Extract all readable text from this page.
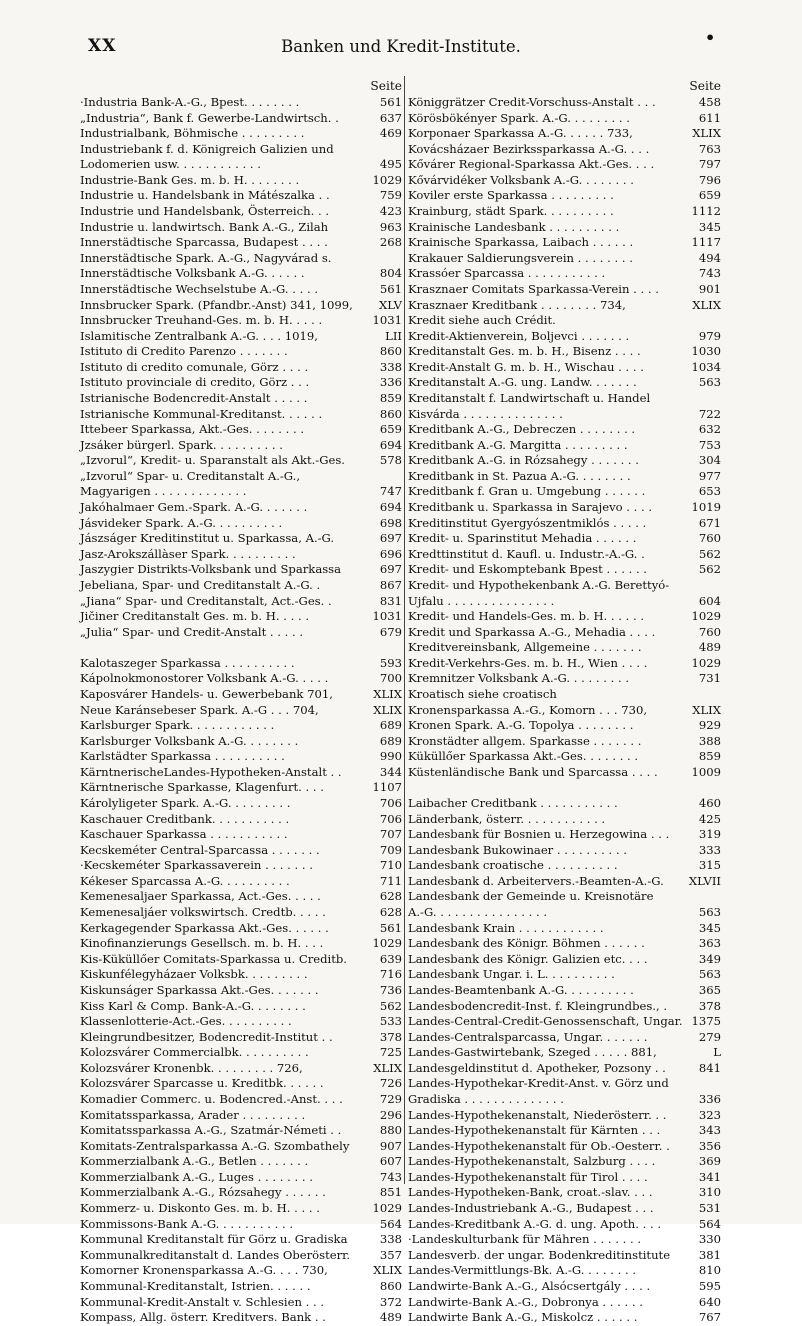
XX	Banken und Kredit-Institute.	•
Seite
·Industria Bank-A.-G., Bpest. . . . . . . .	561
„Industria“, Bank f. Gewerbe-Landwirtsch. .	637
Industrialbank, Böhmische . . . . . . . . .	469
Industriebank f. d. Königreich Galizien und
Lodomerien usw. . . . . . . . . . . .	495
Industrie-Bank Ges. m. b. H. . . . . . . .	1029
Industrie u. Handelsbank in Mátészalka . .	759
Industrie und Handelsbank, Österreich. . .	423
Industrie u. landwirtsch. Bank A.-G., Zilah	963
Innerstädtische Sparcassa, Budapest . . . .	268
Innerstädtische Spark. A.-G., Nagyvárad s.
Innerstädtische Volksbank A.-G. . . . . .	804
Innerstädtische Wechselstube A.-G. . . . .	561
Innsbrucker Spark. (Pfandbr.-Anst) 341, 1099, XLV
Innsbrucker Treuhand-Ges. m. b. H. . . . .	1031
Islamitische Zentralbank A.-G. . . . 1019,	LII
Istituto di Credito Parenzo . . . . . . .	860
Istituto di credito comunale, Görz . . . .	338
Istituto provinciale di credito, Görz . . .	336
Istrianische Bodencredit-Anstalt . . . . .	859
Istrianische Kommunal-Kreditanst. . . . . .	860
Ittebeer Sparkassa, Akt.-Ges. . . . . . . .	659
Jzsáker bürgerl. Spark. . . . . . . . . .	694
„Izvorul“, Kredit- u. Sparanstalt als Akt.-Ges.	578
„Izvorul“ Spar- u. Creditanstalt A.-G.,
Magyarigen . . . . . . . . . . . . .	747
Jakóhalmaer Gem.-Spark. A.-G. . . . . . .	694
Jásvideker Spark. A.-G. . . . . . . . . .	698
Jászságer Kreditinstitut u. Sparkassa, A.-G.	697
Jasz-Arokszállàser Spark. . . . . . . . . .	696
Jaszygier Distrikts-Volksbank und Sparkassa	697
Jebeliana, Spar- und Creditanstalt A.-G. .	867
„Jiana“ Spar- und Creditanstalt, Act.-Ges. .	831
Jičiner Creditanstalt Ges. m. b. H. . . . .	1031
„Julia“ Spar- und Credit-Anstalt . . . . .	679
Kalotaszeger Sparkassa . . . . . . . . . .	593
Kápolnokmonostorer Volksbank A.-G. . . . .	700
Kaposvárer Handels- u. Gewerbebank 701,	XLIX
Neue Karánsebeser Spark. A.-G . . . 704,	XLIX
Karlsburger Spark. . . . . . . . . . . .	689
Karlsburger Volksbank A.-G. . . . . . . .	689
Karlstädter Sparkassa . . . . . . . . . .	990
KärntnerischeLandes-Hypotheken-Anstalt . .	344
Kärntnerische Sparkasse, Klagenfurt. . . .	1107
Károlyligeter Spark. A.-G. . . . . . . . .	706
Kaschauer Creditbank. . . . . . . . . . .	706
Kaschauer Sparkassa . . . . . . . . . . .	707
Kecskeméter Central-Sparcassa . . . . . . .	709
·Kecskeméter Sparkassaverein . . . . . . .	710
Kékeser Sparcassa A.-G. . . . . . . . . .	711
Kemenesaljaer Sparkassa, Act.-Ges. . . . .	628
Kemenesaljáer volkswirtsch. Credtb. . . . .	628
Kerkagegender Sparkassa Akt.-Ges. . . . . .	561
Kinofinanzierungs Gesellsch. m. b. H. . . .	1029
Kis-Küküllőer Comitats-Sparkassa u. Creditb.	639
Kiskunfélegyházaer Volksbk. . . . . . . . .	716
Kiskunságer Sparkassa Akt.-Ges. . . . . . .	736
Kiss Karl & Comp. Bank-A.-G. . . . . . . .	562
Klassenlotterie-Act.-Ges. . . . . . . . . .	533
Kleingrundbesitzer, Bodencredit-Institut . .	378
Kolozsvárer Commercialbk. . . . . . . . . .	725
Kolozsvárer Kronenbk. . . . . . . . . 726,	XLIX
Kolozsvárer Sparcasse u. Kreditbk. . . . . .	726
Komadier Commerc. u. Bodencred.-Anst. . . .	729
Komitatssparkassa, Arader . . . . . . . . .	296
Komitatssparkassa A.-G., Szatmár-Németi . .	880
Komitats-Zentralsparkassa A.-G. Szombathely	907
Kommerzialbank A.-G., Betlen . . . . . . .	607
Kommerzialbank A.-G., Luges . . . . . . . .	743
Kommerzialbank A.-G., Rózsahegy . . . . . .	851
Kommerz- u. Diskonto Ges. m. b. H. . . . .	1029
Kommissons-Bank A.-G. . . . . . . . . . .	564
Kommunal Kreditanstalt für Görz u. Gradiska	338
Kommunalkreditanstalt d. Landes Oberösterr.	357
Komorner Kronensparkassa A.-G. . . . 730,	XLIX
Kommunal-Kreditanstalt, Istrien. . . . . .	860
Kommunal-Kredit-Anstalt v. Schlesien . . .	372
Kompass, Allg. österr. Kreditvers. Bank . .	489
Seite
Königgrätzer Credit-Vorschuss-Anstalt . . .	458
Körösbökényer Spark. A.-G. . . . . . . . .	611
Korponaer Sparkassa A.-G. . . . . . 733,	XLIX
Kovácsházaer Bezirkssparkassa A.-G. . . .	763
Kővárer Regional-Sparkassa Akt.-Ges. . . .	797
Kővárvidéker Volksbank A.-G. . . . . . . .	796
Koviler erste Sparkassa . . . . . . . . .	659
Krainburg, städt Spark. . . . . . . . . .	1112
Krainische Landesbank . . . . . . . . . .	345
Krainische Sparkassa, Laibach . . . . . .	1117
Krakauer Saldierungsverein . . . . . . . .	494
Krassóer Sparcassa . . . . . . . . . . .	743
Krasznaer Comitats Sparkassa-Verein . . . .	901
Krasznaer Kreditbank . . . . . . . . 734,	XLIX
Kredit siehe auch Crédit.
Kredit-Aktienverein, Boljevci . . . . . . .	979
Kreditanstalt Ges. m. b. H., Bisenz . . . .	1030
Kredit-Anstalt G. m. b. H., Wischau . . . .	1034
Kreditanstalt A.-G. ung. Landw. . . . . . .	563
Kreditanstalt f. Landwirtschaft u. Handel
Kisvárda . . . . . . . . . . . . . .	722
Kreditbank A.-G., Debreczen . . . . . . . .	632
Kreditbank A.-G. Margitta . . . . . . . . .	753
Kreditbank A.-G. in Rózsahegy . . . . . . .	304
Kreditbank in St. Pazua A.-G. . . . . . . .	977
Kreditbank f. Gran u. Umgebung . . . . . .	653
Kreditbank u. Sparkassa in Sarajevo . . . .	1019
Kreditinstitut Gyergyószentmiklós . . . . .	671
Kredit- u. Sparinstitut Mehadia . . . . . .	760
Kredttinstitut d. Kaufl. u. Industr.-A.-G. .	562
Kredit- und Eskomptebank Bpest . . . . . .	562
Kredit- und Hypothekenbank A.-G. Berettyó-
Ujfalu . . . . . . . . . . . . . . .	604
Kredit- und Handels-Ges. m. b. H. . . . . .	1029
Kredit und Sparkassa A.-G., Mehadia . . . .	760
Kreditvereinsbank, Allgemeine . . . . . . .	489
Kredit-Verkehrs-Ges. m. b. H., Wien . . . .	1029
Kremnitzer Volksbank A.-G. . . . . . . . .	731
Kroatisch siehe croatisch
Kronensparkassa A.-G., Komorn . . . 730,	XLIX
Kronen Spark. A.-G. Topolya . . . . . . . .	929
Kronstädter allgem. Sparkasse . . . . . . .	388
Küküllőer Sparkassa Akt.-Ges. . . . . . . .	859
Küstenländische Bank und Sparcassa . . . .	1009
Laibacher Creditbank . . . . . . . . . . .	460
Länderbank, österr. . . . . . . . . . . .	425
Landesbank für Bosnien u. Herzegowina . . .	319
Landesbank Bukowinaer . . . . . . . . . .	333
Landesbank croatische . . . . . . . . . .	315
Landesbank d. Arbeitervers.-Beamten-A.-G. XLVII
Landesbank der Gemeinde u. Kreisnotäre
A.-G. . . . . . . . . . . . . . . .	563
Landesbank Krain . . . . . . . . . . . .	345
Landesbank des Königr. Böhmen . . . . . .	363
Landesbank des Königr. Galizien etc. . . .	349
Landesbank Ungar. i. L. . . . . . . . . .	563
Landes-Beamtenbank A.-G. . . . . . . . . .	365
Landesbodencredit-Inst. f. Kleingrundbes., .	378
Landes-Central-Credit-Genossenschaft, Ungar. 1375
Landes-Centralsparcassa, Ungar. . . . . . .	279
Landes-Gastwirtebank, Szeged . . . . . 881,	L
Landesgeldinstitut d. Apotheker, Pozsony . .	841
Landes-Hypothekar-Kredit-Anst. v. Görz und
Gradiska . . . . . . . . . . . . . .	336
Landes-Hypothekenanstalt, Niederösterr. . .	323
Landes-Hypothekenanstalt für Kärnten . . .	343
Landes-Hypothekenanstalt für Ob.-Oesterr. .	356
Landes-Hypothekenanstalt, Salzburg . . . .	369
Landes-Hypothekenanstalt für Tirol . . . .	341
Landes-Hypotheken-Bank, croat.-slav. . . .	310
Landes-Industriebank A.-G., Budapest . . .	531
Landes-Kreditbank A.-G. d. ung. Apoth. . . .	564
·Landeskulturbank für Mähren . . . . . . .	330
Landesverb. der ungar. Bodenkreditinstitute 381
Landes-Vermittlungs-Bk. A.-G. . . . . . . .	810
Landwirte-Bank A.-G., Alsócsertgály . . . .	595
Landwirte-Bank A.-G., Dobronya . . . . . .	640
Landwirte Bank A.-G., Miskolcz . . . . . .	767
